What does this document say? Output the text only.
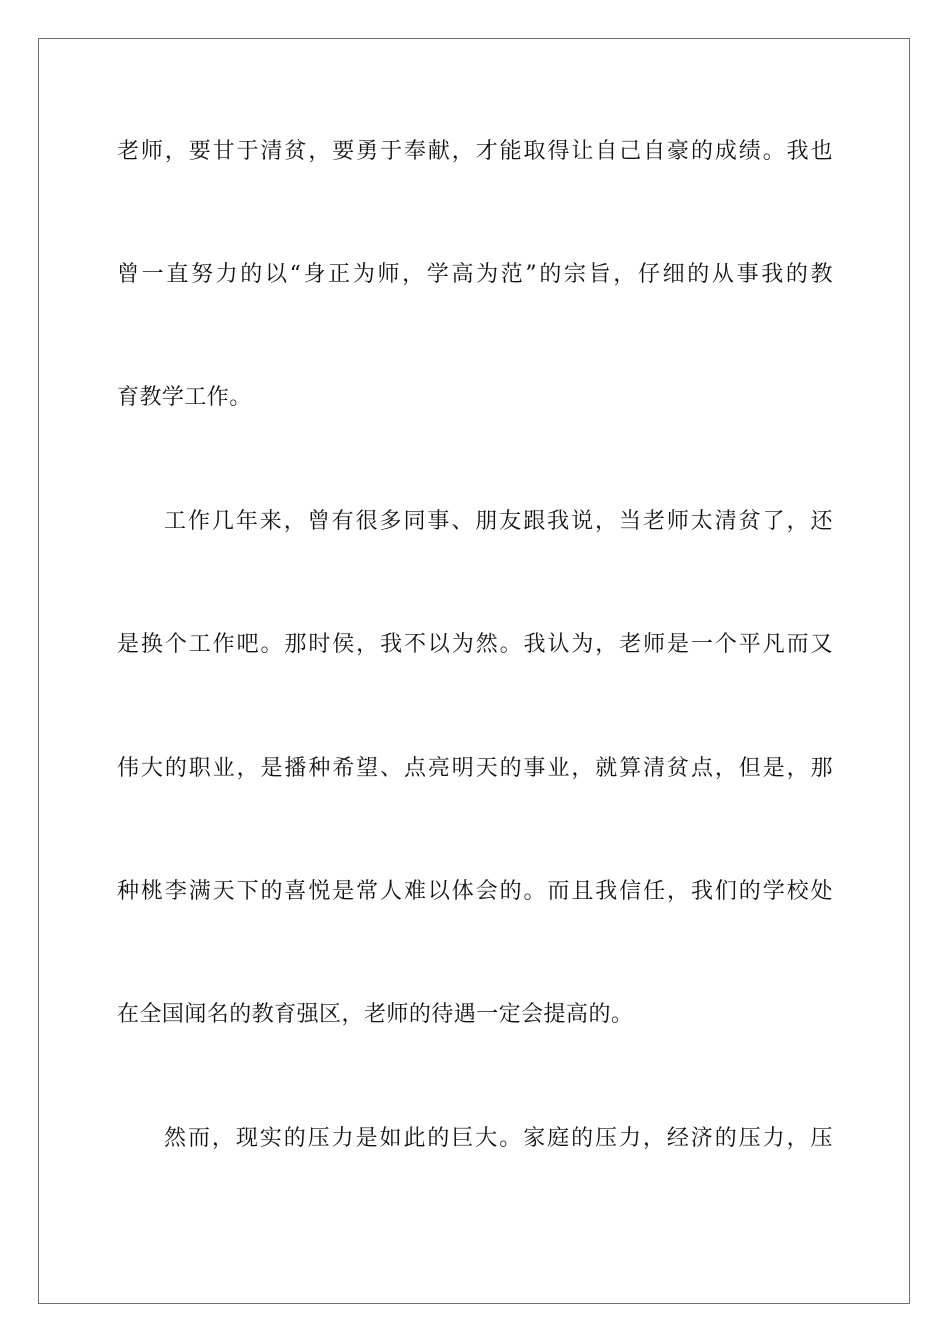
老师，要甘于清贫，要勇于奉献，才能取得让自己自豪的成绩。我也
曾一直努力的以“身正为师，学高为范”的宗旨，仔细的从事我的教
育教学工作。
工作几年来，曾有很多同事、朋友跟我说，当老师太清贫了，还
是换个工作吧。那时侯，我不以为然。我认为，老师是一个平凡而又
伟大的职业，是播种希望、点亮明天的事业，就算清贫点，但是，那
种桃李满天下的喜悦是常人难以体会的。而且我信任，我们的学校处
在全国闻名的教育强区，老师的待遇一定会提高的。
然而，现实的压力是如此的巨大。家庭的压力，经济的压力，压
